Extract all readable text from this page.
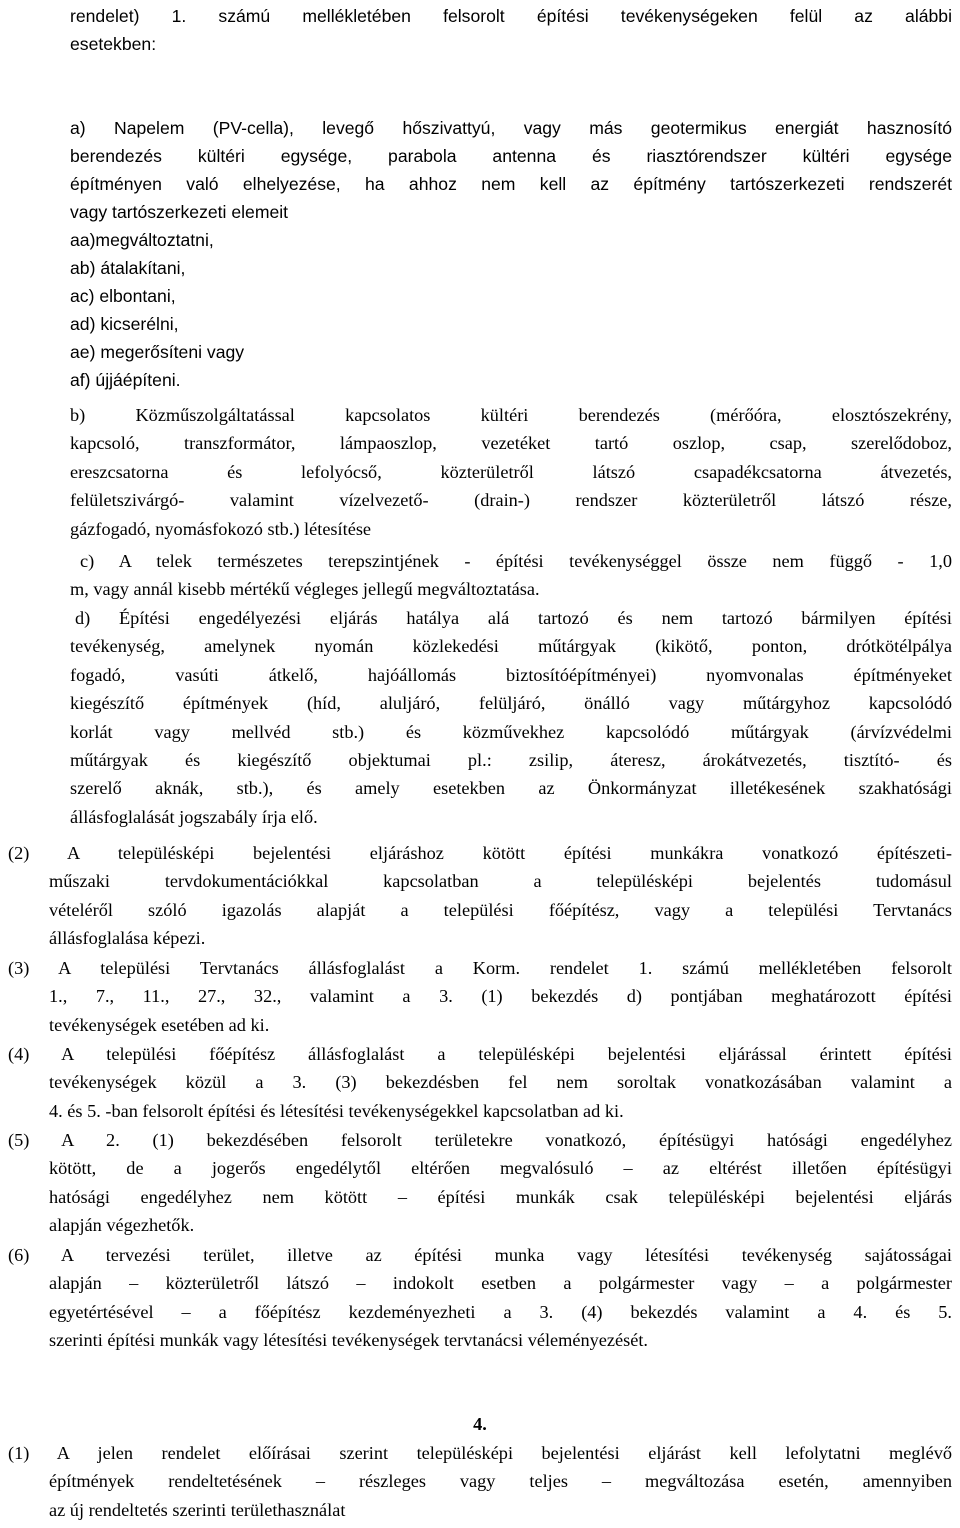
rendelet) 1. számú mellékletében felsorolt építési tevékenységeken felül az alábbi
esetekben:
a) Napelem (PV-cella), levegő hőszivattyú, vagy más geotermikus energiát hasznosító
berendezés kültéri egysége, parabola antenna és riasztórendszer kültéri egysége
építményen való elhelyezése, ha ahhoz nem kell az építmény tartószerkezeti rendszerét
vagy tartószerkezeti elemeit
aa)megváltoztatni,
ab) átalakítani,
ac) elbontani,
ad) kicserélni,
ae) megerősíteni vagy
af) újjáépíteni.
b) Közműszolgáltatással kapcsolatos kültéri berendezés (mérőóra, elosztószekrény,
kapcsoló, transzformátor, lámpaoszlop, vezetéket tartó oszlop, csap, szerelődoboz,
ereszcsatorna és lefolyócső, közterületről látszó csapadékcsatorna átvezetés,
felületszivárgó- valamint vízelvezető- (drain-) rendszer közterületről látszó része,
gázfogadó, nyomásfokozó stb.) létesítése
c) A telek természetes terepszintjének - építési tevékenységgel össze nem függő - 1,0
m, vagy annál kisebb mértékű végleges jellegű megváltoztatása.
d) Építési engedélyezési eljárás hatálya alá tartozó és nem tartozó bármilyen építési
tevékenység, amelynek nyomán közlekedési műtárgyak (kikötő, ponton, drótkötélpálya
fogadó, vasúti átkelő, hajóállomás biztosítóépítményei) nyomvonalas építményeket
kiegészítő építmények (híd, aluljáró, felüljáró, önálló vagy műtárgyhoz kapcsolódó
korlát vagy mellvéd stb.) és közművekhez kapcsolódó műtárgyak (árvízvédelmi
műtárgyak és kiegészítő objektumai pl.: zsilip, áteresz, árokátvezetés, tisztító- és
szerelő aknák, stb.), és amely esetekben az Önkormányzat illetékesének szakhatósági
állásfoglalását jogszabály írja elő.
(2) A településképi bejelentési eljáráshoz kötött építési munkákra vonatkozó építészeti-
műszaki tervdokumentációkkal kapcsolatban a településképi bejelentés tudomásul
vételéről szóló igazolás alapját a települési főépítész, vagy a települési Tervtanács
állásfoglalása képezi.
(3) A települési Tervtanács állásfoglalást a Korm. rendelet 1. számú mellékletében felsorolt
1., 7., 11., 27., 32., valamint a 3. (1) bekezdés d) pontjában meghatározott építési
tevékenységek esetében ad ki.
(4) A települési főépítész állásfoglalást a településképi bejelentési eljárással érintett építési
tevékenységek közül a 3. (3) bekezdésben fel nem soroltak vonatkozásában valamint a
4. és 5. -ban felsorolt építési és létesítési tevékenységekkel kapcsolatban ad ki.
(5) A 2. (1) bekezdésében felsorolt területekre vonatkozó, építésügyi hatósági engedélyhez
kötött, de a jogerős engedélytől eltérően megvalósuló – az eltérést illetően építésügyi
hatósági engedélyhez nem kötött – építési munkák csak településképi bejelentési eljárás
alapján végezhetők.
(6) A tervezési terület, illetve az építési munka vagy létesítési tevékenység sajátosságai
alapján – közterületről látszó – indokolt esetben a polgármester vagy – a polgármester
egyetértésével – a főépítész kezdeményezheti a 3. (4) bekezdés valamint a 4. és 5.
szerinti építési munkák vagy létesítési tevékenységek tervtanácsi véleményezését.
4.
(1) A jelen rendelet előírásai szerint településképi bejelentési eljárást kell lefolytatni meglévő
építmények rendeltetésének – részleges vagy teljes – megváltozása esetén, amennyiben
az új rendeltetés szerinti területhasználat
